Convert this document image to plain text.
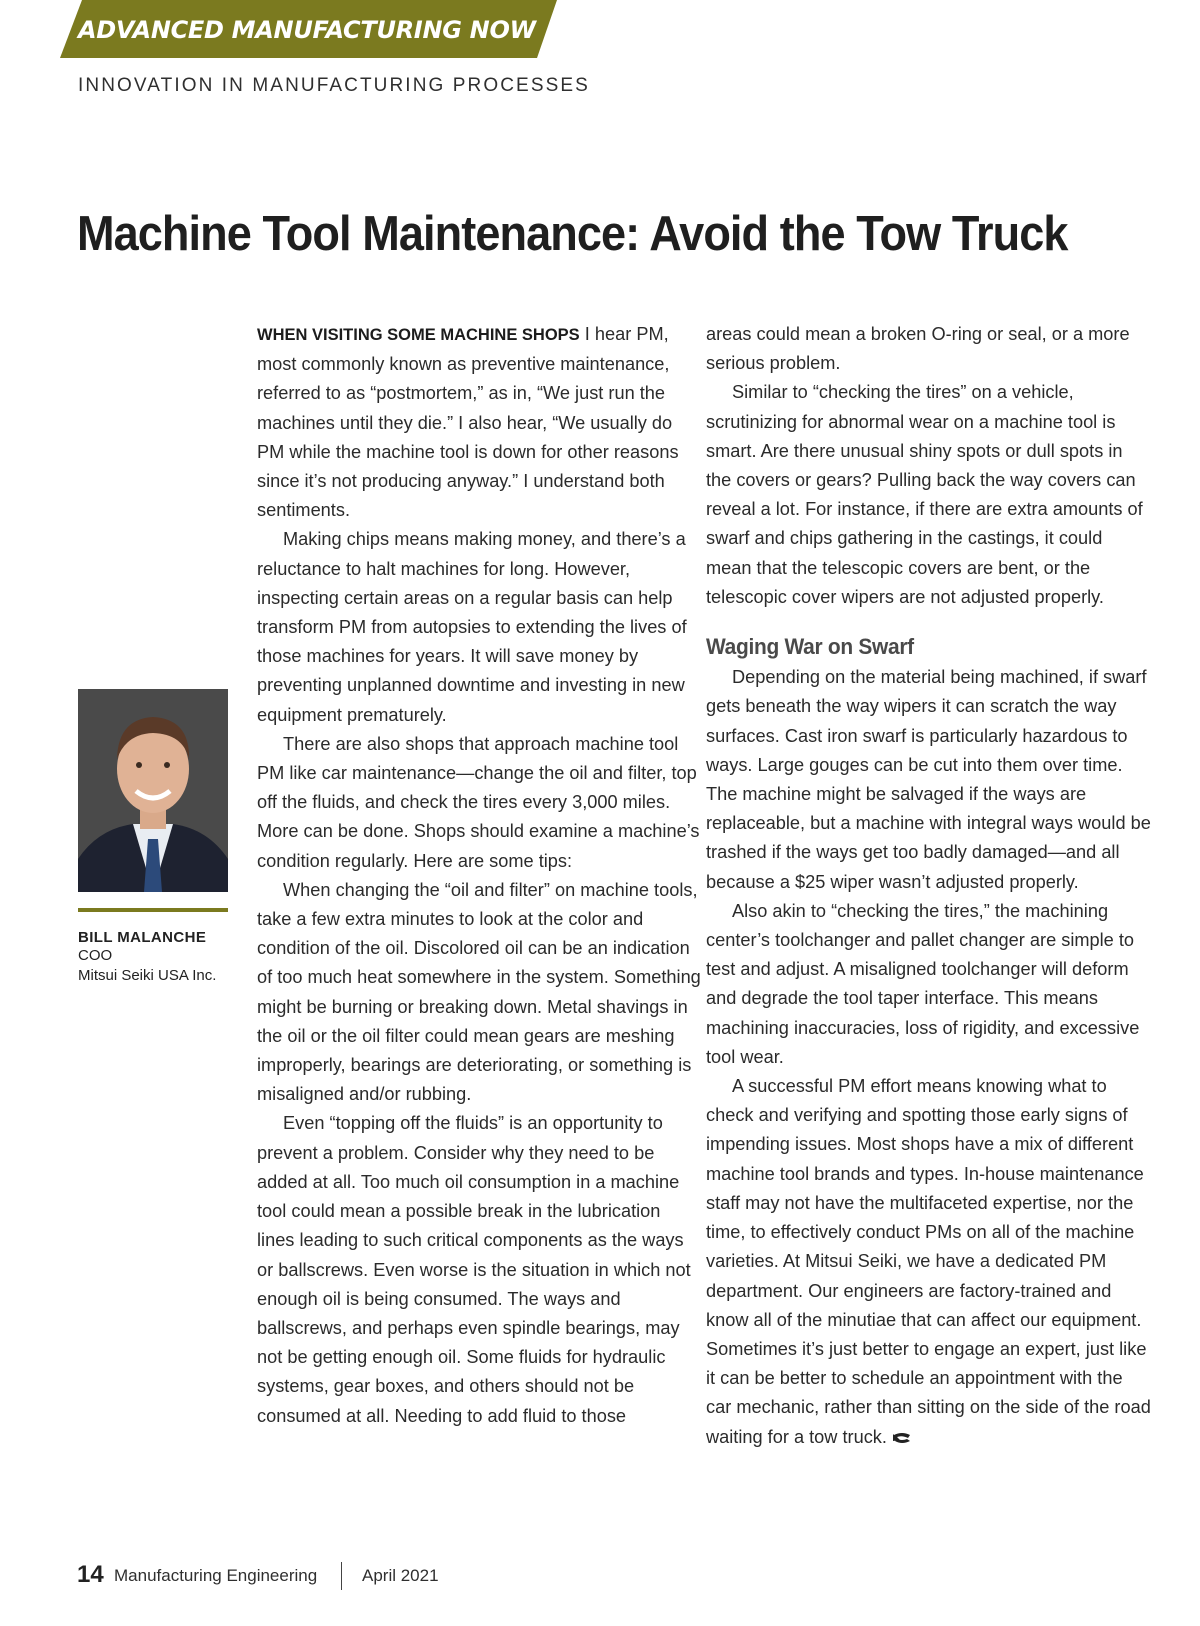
ADVANCED MANUFACTURING NOW
INNOVATION IN MANUFACTURING PROCESSES
Machine Tool Maintenance: Avoid the Tow Truck
BILL MALANCHE
COO
Mitsui Seiki USA Inc.

WHEN VISITING SOME MACHINE SHOPS I hear PM, most commonly known as preventive maintenance, referred to as “postmortem,” as in, “We just run the machines until they die.” I also hear, “We usually do PM while the machine tool is down for other reasons since it’s not producing anyway.” I understand both sentiments.

Making chips means making money, and there’s a reluctance to halt machines for long. However, inspecting certain areas on a regular basis can help transform PM from autopsies to extending the lives of those machines for years. It will save money by preventing unplanned downtime and investing in new equipment prematurely.

There are also shops that approach machine tool PM like car maintenance—change the oil and filter, top off the fluids, and check the tires every 3,000 miles. More can be done. Shops should examine a machine’s condition regularly. Here are some tips:

When changing the “oil and filter” on machine tools, take a few extra minutes to look at the color and condition of the oil. Discolored oil can be an indication of too much heat somewhere in the system. Something might be burning or breaking down. Metal shavings in the oil or the oil filter could mean gears are meshing improperly, bearings are deteriorating, or something is misaligned and/or rubbing.

Even “topping off the fluids” is an opportunity to prevent a problem. Consider why they need to be added at all. Too much oil consumption in a machine tool could mean a possible break in the lubrication lines leading to such critical components as the ways or ballscrews. Even worse is the situation in which not enough oil is being consumed. The ways and ballscrews, and perhaps even spindle bearings, may not be getting enough oil. Some fluids for hydraulic systems, gear boxes, and others should not be consumed at all. Needing to add fluid to those

areas could mean a broken O-ring or seal, or a more serious problem.

Similar to “checking the tires” on a vehicle, scrutinizing for abnormal wear on a machine tool is smart. Are there unusual shiny spots or dull spots in the covers or gears? Pulling back the way covers can reveal a lot. For instance, if there are extra amounts of swarf and chips gathering in the castings, it could mean that the telescopic covers are bent, or the telescopic cover wipers are not adjusted properly.

Waging War on Swarf

Depending on the material being machined, if swarf gets beneath the way wipers it can scratch the way surfaces. Cast iron swarf is particularly hazardous to ways. Large gouges can be cut into them over time. The machine might be salvaged if the ways are replaceable, but a machine with integral ways would be trashed if the ways get too badly damaged—and all because a $25 wiper wasn’t adjusted properly.

Also akin to “checking the tires,” the machining center’s toolchanger and pallet changer are simple to test and adjust. A misaligned toolchanger will deform and degrade the tool taper interface. This means machining inaccuracies, loss of rigidity, and excessive tool wear.

A successful PM effort means knowing what to check and verifying and spotting those early signs of impending issues. Most shops have a mix of different machine tool brands and types. In-house maintenance staff may not have the multifaceted expertise, nor the time, to effectively conduct PMs on all of the machine varieties. At Mitsui Seiki, we have a dedicated PM department. Our engineers are factory-trained and know all of the minutiae that can affect our equipment. Sometimes it’s just better to engage an expert, just like it can be better to schedule an appointment with the car mechanic, rather than sitting on the side of the road waiting for a tow truck.

14 Manufacturing Engineering	April 2021
